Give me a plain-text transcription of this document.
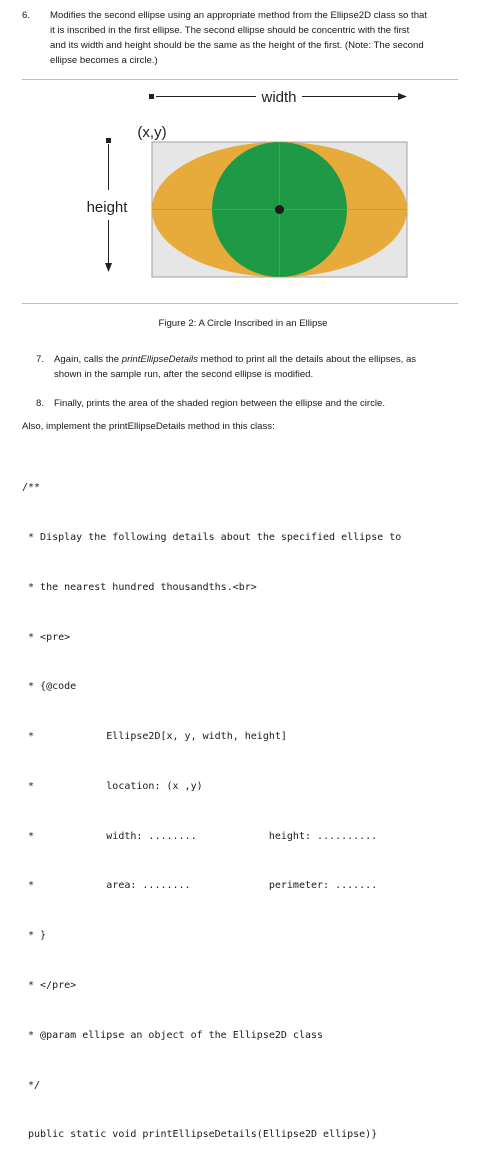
6. Modifies the second ellipse using an appropriate method from the Ellipse2D class so that
it is inscribed in the first ellipse. The second ellipse should be concentric with the first
and its width and height should be the same as the height of the first. (Note: The second
ellipse becomes a circle.)
width
(x,y)
height
Figure 2: A Circle Inscribed in an Ellipse
7. Again, calls the printEllipseDetails method to print all the details about the ellipses, as
shown in the sample run, after the second ellipse is modified.
8. Finally, prints the area of the shaded region between the ellipse and the circle.
Also, implement the printEllipseDetails method in this class:

/**

* Display the following details about the specified ellipse to

* the nearest hundred thousandths.<br>

* <pre>

* {@code

*            Ellipse2D[x, y, width, height]

*            location: (x ,y)

*            width: ........            height: ..........

*            area: ........             perimeter: .......

* }

* </pre>

* @param ellipse an object of the Ellipse2D class

*/

public static void printEllipseDetails(Ellipse2D ellipse)}
